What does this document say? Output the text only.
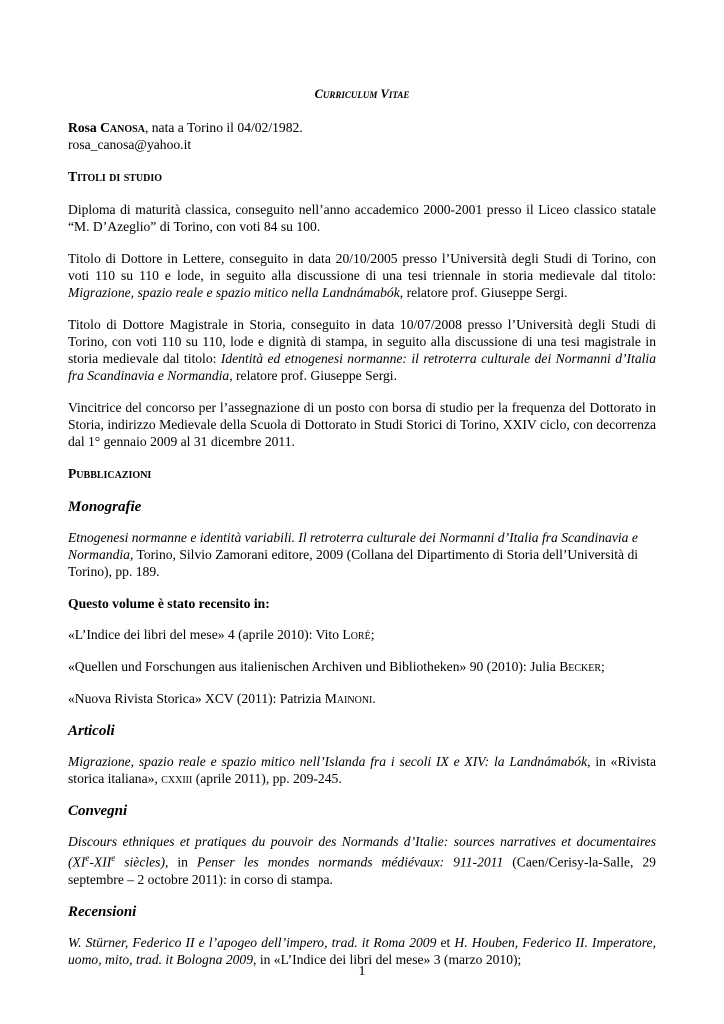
Curriculum Vitae

Rosa Canosa, nata a Torino il 04/02/1982.

rosa_canosa@yahoo.it

Titoli di studio

Diploma di maturità classica, conseguito nell’anno accademico 2000-2001 presso il Liceo classico statale “M. D’Azeglio” di Torino, con voti 84 su 100.

Titolo di Dottore in Lettere, conseguito in data 20/10/2005 presso l’Università degli Studi di Torino, con voti 110 su 110 e lode, in seguito alla discussione di una tesi triennale in storia medievale dal titolo: Migrazione, spazio reale e spazio mitico nella Landnámabók, relatore prof. Giuseppe Sergi.

Titolo di Dottore Magistrale in Storia, conseguito in data 10/07/2008 presso l’Università degli Studi di Torino, con voti 110 su 110, lode e dignità di stampa, in seguito alla discussione di una tesi magistrale in storia medievale dal titolo: Identità ed etnogenesi normanne: il retroterra culturale dei Normanni d’Italia fra Scandinavia e Normandia, relatore prof. Giuseppe Sergi.

Vincitrice del concorso per l’assegnazione di un posto con borsa di studio per la frequenza del Dottorato in Storia, indirizzo Medievale della Scuola di Dottorato in Studi Storici di Torino, XXIV ciclo, con decorrenza dal 1° gennaio 2009 al 31 dicembre 2011.

Pubblicazioni
Monografie

Etnogenesi normanne e identità variabili. Il retroterra culturale dei Normanni d’Italia fra Scandinavia e Normandia, Torino, Silvio Zamorani editore, 2009 (Collana del Dipartimento di Storia dell’Università di Torino), pp. 189.

Questo volume è stato recensito in:

«L’Indice dei libri del mese» 4 (aprile 2010): Vito Loré;

«Quellen und Forschungen aus italienischen Archiven und Bibliotheken» 90 (2010): Julia Becker;

«Nuova Rivista Storica» XCV (2011): Patrizia Mainoni.

Articoli

Migrazione, spazio reale e spazio mitico nell’Islanda fra i secoli IX e XIV: la Landnámabók, in «Rivista storica italiana», cxxiii (aprile 2011), pp. 209-245.

Convegni

Discours ethniques et pratiques du pouvoir des Normands d’Italie: sources narratives et documentaires (XIe-XIIe siècles), in Penser les mondes normands médiévaux: 911-2011 (Caen/Cerisy-la-Salle, 29 septembre – 2 octobre 2011): in corso di stampa.

Recensioni

W. Stürner, Federico II e l’apogeo dell’impero, trad. it Roma 2009 et H. Houben, Federico II. Imperatore, uomo, mito, trad. it Bologna 2009, in «L’Indice dei libri del mese» 3 (marzo 2010);

1
